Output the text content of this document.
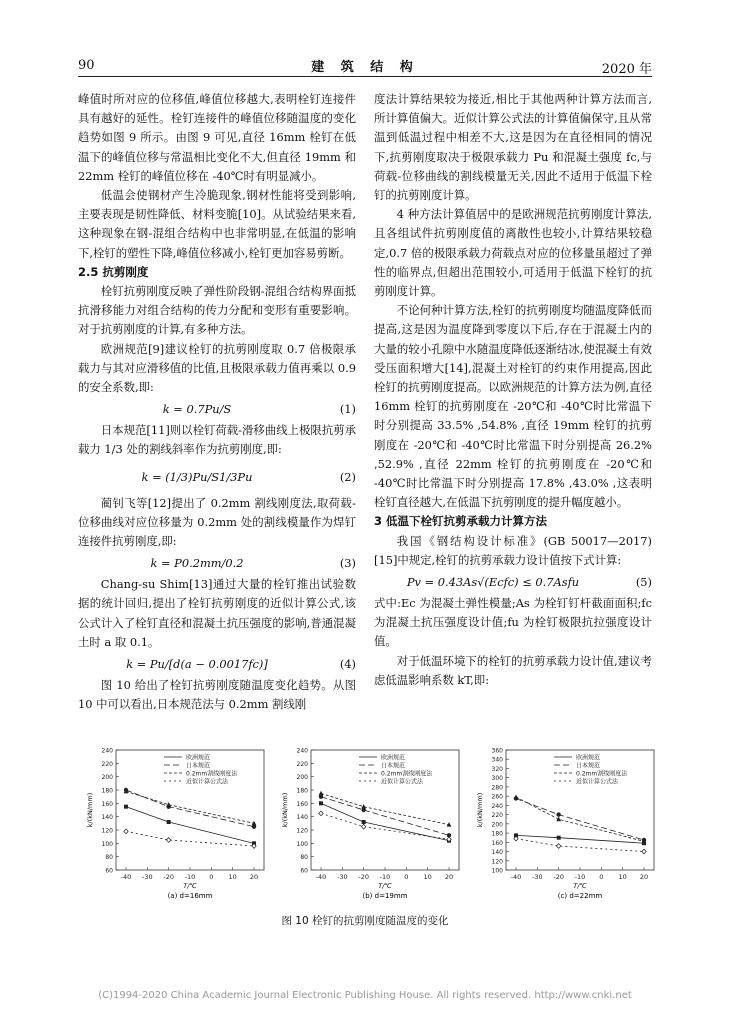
90	建 筑 结 构	2020 年

峰值时所对应的位移值,峰值位移越大,表明栓钉连接件具有越好的延性。栓钉连接件的峰值位移随温度的变化趋势如图 9 所示。由图 9 可见,直径 16mm 栓钉在低温下的峰值位移与常温相比变化不大,但直径 19mm 和 22mm 栓钉的峰值位移在 -40℃时有明显减小。

低温会使钢材产生冷脆现象,钢材性能将受到影响,主要表现是韧性降低、材料变脆[10]。从试验结果来看,这种现象在钢-混组合结构中也非常明显,在低温的影响下,栓钉的塑性下降,峰值位移减小,栓钉更加容易剪断。

2.5 抗剪刚度

栓钉抗剪刚度反映了弹性阶段钢-混组合结构界面抵抗滑移能力对组合结构的传力分配和变形有重要影响。对于抗剪刚度的计算,有多种方法。

欧洲规范[9]建议栓钉的抗剪刚度取 0.7 倍极限承载力与其对应滑移值的比值,且极限承载力值再乘以 0.9 的安全系数,即:

k = 0.7Pu/S	(1)

日本规范[11]则以栓钉荷载-滑移曲线上极限抗剪承载力 1/3 处的割线斜率作为抗剪刚度,即:

k = (1/3)Pu/S1/3Pu	(2)

蔺钊飞等[12]提出了 0.2mm 割线刚度法,取荷载-位移曲线对应位移量为 0.2mm 处的割线模量作为焊钉连接件抗剪刚度,即:

k = P0.2mm/0.2	(3)

Chang-su Shim[13]通过大量的栓钉推出试验数据的统计回归,提出了栓钉抗剪刚度的近似计算公式,该公式计入了栓钉直径和混凝土抗压强度的影响,普通混凝土时 a 取 0.1。

k = Pu/[d(a − 0.0017fc)]	(4)

图 10 给出了栓钉抗剪刚度随温度变化趋势。从图 10 中可以看出,日本规范法与 0.2mm 割线刚

度法计算结果较为接近,相比于其他两种计算方法而言,所计算值偏大。近似计算公式法的计算值偏保守,且从常温到低温过程中相差不大,这是因为在直径相同的情况下,抗剪刚度取决于极限承载力 Pu 和混凝土强度 fc,与荷载-位移曲线的割线模量无关,因此不适用于低温下栓钉的抗剪刚度计算。

4 种方法计算值居中的是欧洲规范抗剪刚度计算法,且各组试件抗剪刚度值的离散性也较小,计算结果较稳定,0.7 倍的极限承载力荷载点对应的位移量虽超过了弹性的临界点,但超出范围较小,可适用于低温下栓钉的抗剪刚度计算。

不论何种计算方法,栓钉的抗剪刚度均随温度降低而提高,这是因为温度降到零度以下后,存在于混凝土内的大量的较小孔隙中水随温度降低逐渐结冰,使混凝土有效受压面积增大[14],混凝土对栓钉的约束作用提高,因此栓钉的抗剪刚度提高。以欧洲规范的计算方法为例,直径 16mm 栓钉的抗剪刚度在 -20℃和 -40℃时比常温下时分别提高 33.5% ,54.8% ,直径 19mm 栓钉的抗剪刚度在 -20℃和 -40℃时比常温下时分别提高 26.2% ,52.9% ,直径 22mm 栓钉的抗剪刚度在 -20℃和 -40℃时比常温下时分别提高 17.8% ,43.0% ,这表明栓钉直径越大,在低温下抗剪刚度的提升幅度越小。

3 低温下栓钉抗剪承载力计算方法

我国《钢结构设计标准》(GB 50017—2017)[15]中规定,栓钉的抗剪承载力设计值按下式计算:

Pv = 0.43As√(Ecfc) ≤ 0.7Asfu	(5)

式中:Ec 为混凝土弹性模量;As 为栓钉钉杆截面面积;fc 为混凝土抗压强度设计值;fu 为栓钉极限抗拉强度设计值。

对于低温环境下的栓钉的抗剪承载力设计值,建议考虑低温影响系数 kT,即:

60
80
100
120
140
160
180
200
220
240
-40 -30 -20 -10 0 10 20
T/℃
k/(kN/mm)
(a) d=16mm
欧洲规范
日本规范
0.2mm割线刚度法
近似计算公式法
60
80
100
120
140
160
180
200
220
240
-40 -30 -20 -10 0 10 20
T/℃
k/(kN/mm)
(b) d=19mm
欧洲规范
日本规范
0.2mm割线刚度法
近似计算公式法
100
120
140
160
180
200
220
240
260
280
300
320
340
360
-40 -30 -20 -10 0 10 20
T/℃
k/(kN/mm)
(c) d=22mm
欧洲规范
日本规范
0.2mm割线刚度法
近似计算公式法
图 10 栓钉的抗剪刚度随温度的变化
(C)1994-2020 China Academic Journal Electronic Publishing House. All rights reserved. http://www.cnki.net
